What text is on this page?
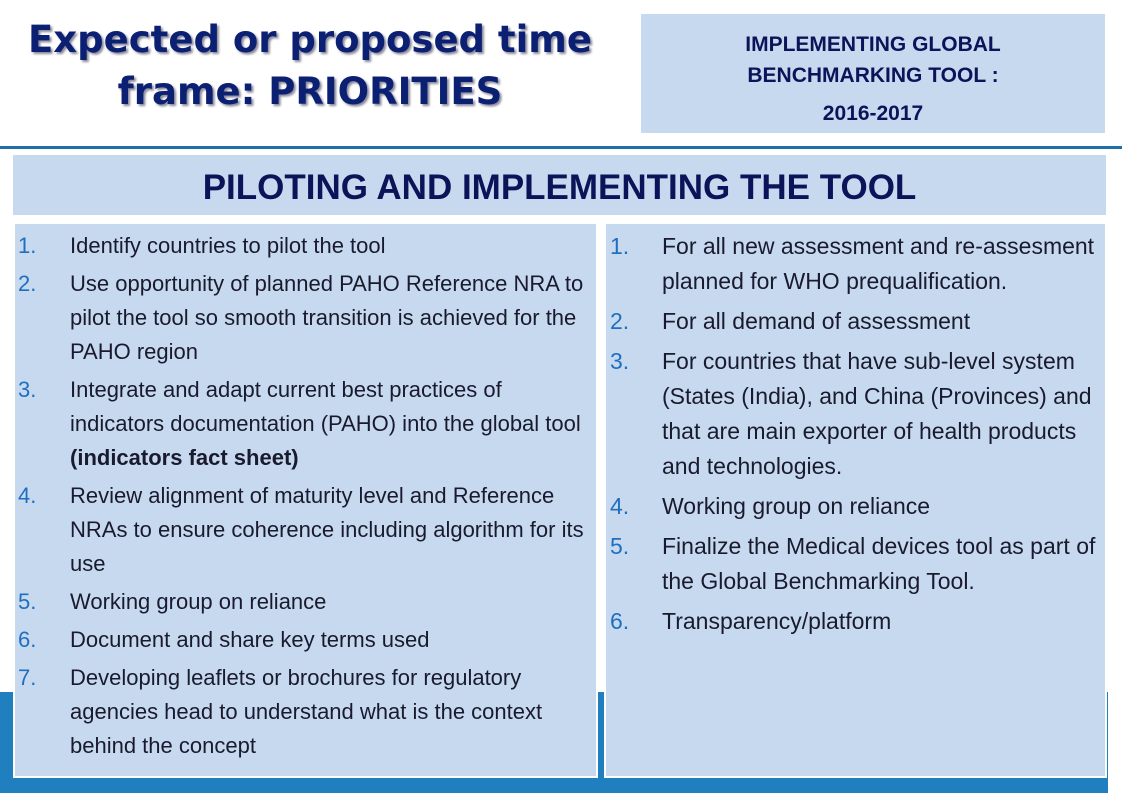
Expected or proposed time
frame: PRIORITIES
IMPLEMENTING GLOBAL
BENCHMARKING TOOL :
2016-2017
PILOTING AND IMPLEMENTING THE TOOL
1.	Identify countries to pilot the tool
2.	Use opportunity of planned PAHO Reference NRA to pilot the tool so smooth transition is achieved for the PAHO region
3.	Integrate and adapt current best practices of indicators documentation (PAHO) into the global tool (indicators fact sheet)
4.	Review alignment of maturity level and Reference NRAs to ensure coherence including algorithm for its use
5.	Working group on reliance
6.	Document and share key terms used
7.	Developing leaflets or brochures for regulatory agencies head to understand what is the context behind the concept
1.	For all new assessment and re-assesment planned for WHO prequalification.
2.	For all demand of assessment
3.	For countries that have sub-level system (States (India), and China (Provinces) and that are main exporter of health products and technologies.
4.	Working group on reliance
5.	Finalize the Medical devices tool as part of the Global Benchmarking Tool.
6.	Transparency/platform
